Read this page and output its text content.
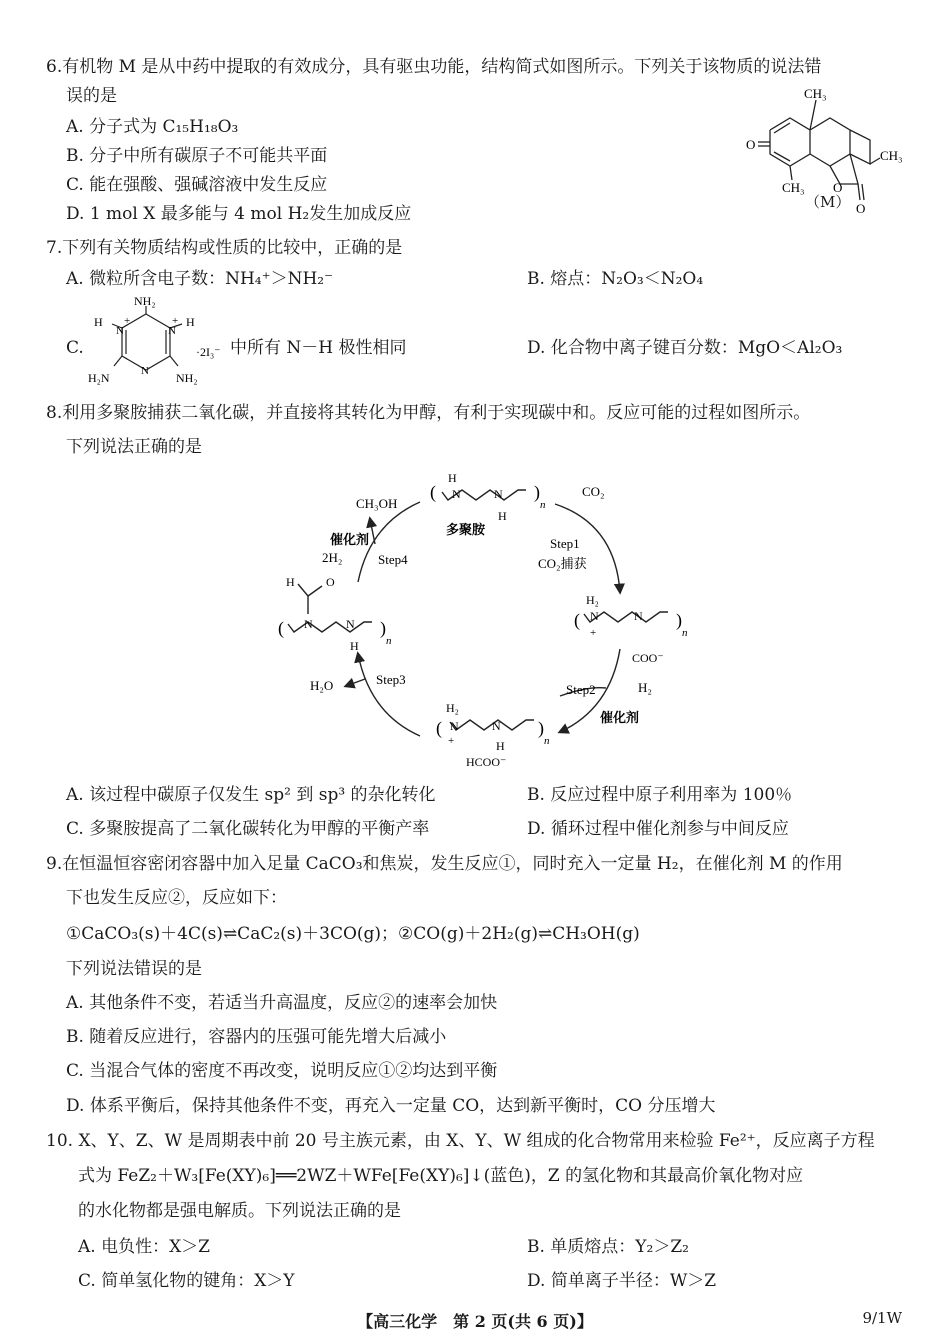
6.有机物 M 是从中药中提取的有效成分，具有驱虫功能，结构简式如图所示。下列关于该物质的说法错
误的是
A. 分子式为 C₁₅H₁₈O₃
B. 分子中所有碳原子不可能共平面
C. 能在强酸、强碱溶液中发生反应
D. 1 mol X 最多能与 4 mol H₂发生加成反应
CH₃
CH₃
CH₃
O
O
O
（M）
7.下列有关物质结构或性质的比较中，正确的是
A. 微粒所含电子数：NH₄⁺＞NH₂⁻	B. 熔点：N₂O₃＜N₂O₄
C.
NH₂
H₂N	NH₂
H	H
N	N
+	+
N
·2I₃⁻ 中所有 N－H 极性相同	D. 化合物中离子键百分数：MgO＜Al₂O₃
8.利用多聚胺捕获二氧化碳，并直接将其转化为甲醇，有利于实现碳中和。反应可能的过程如图所示。
下列说法正确的是
CH₃OH
催化剂
2H₂	Step4
H
( N	N
H
)
n
多聚胺
CO₂
Step1
CO₂捕获
H₂
( N
+
N )
n
COO⁻
Step2	H₂
催化剂
H₂
( N
+
N
H
)
n
HCOO⁻
H₂O	Step3
H	O
( N	N
H
)
n
A. 该过程中碳原子仅发生 sp² 到 sp³ 的杂化转化	B. 反应过程中原子利用率为 100％
C. 多聚胺提高了二氧化碳转化为甲醇的平衡产率	D. 循环过程中催化剂参与中间反应
9.在恒温恒容密闭容器中加入足量 CaCO₃和焦炭，发生反应①，同时充入一定量 H₂，在催化剂 M 的作用
下也发生反应②，反应如下：
①CaCO₃(s)＋4C(s)⇌CaC₂(s)＋3CO(g)；②CO(g)＋2H₂(g)⇌CH₃OH(g)
下列说法错误的是
A. 其他条件不变，若适当升高温度，反应②的速率会加快
B. 随着反应进行，容器内的压强可能先增大后减小
C. 当混合气体的密度不再改变，说明反应①②均达到平衡
D. 体系平衡后，保持其他条件不变，再充入一定量 CO，达到新平衡时，CO 分压增大
10. X、Y、Z、W 是周期表中前 20 号主族元素，由 X、Y、W 组成的化合物常用来检验 Fe²⁺，反应离子方程
式为 FeZ₂＋W₃[Fe(XY)₆]══2WZ＋WFe[Fe(XY)₆]↓(蓝色)，Z 的氢化物和其最高价氧化物对应
的水化物都是强电解质。下列说法正确的是
A. 电负性：X＞Z	B. 单质熔点：Y₂＞Z₂
C. 简单氢化物的键角：X＞Y	D. 简单离子半径：W＞Z
【高三化学　第 2 页(共 6 页)】	9/1W
